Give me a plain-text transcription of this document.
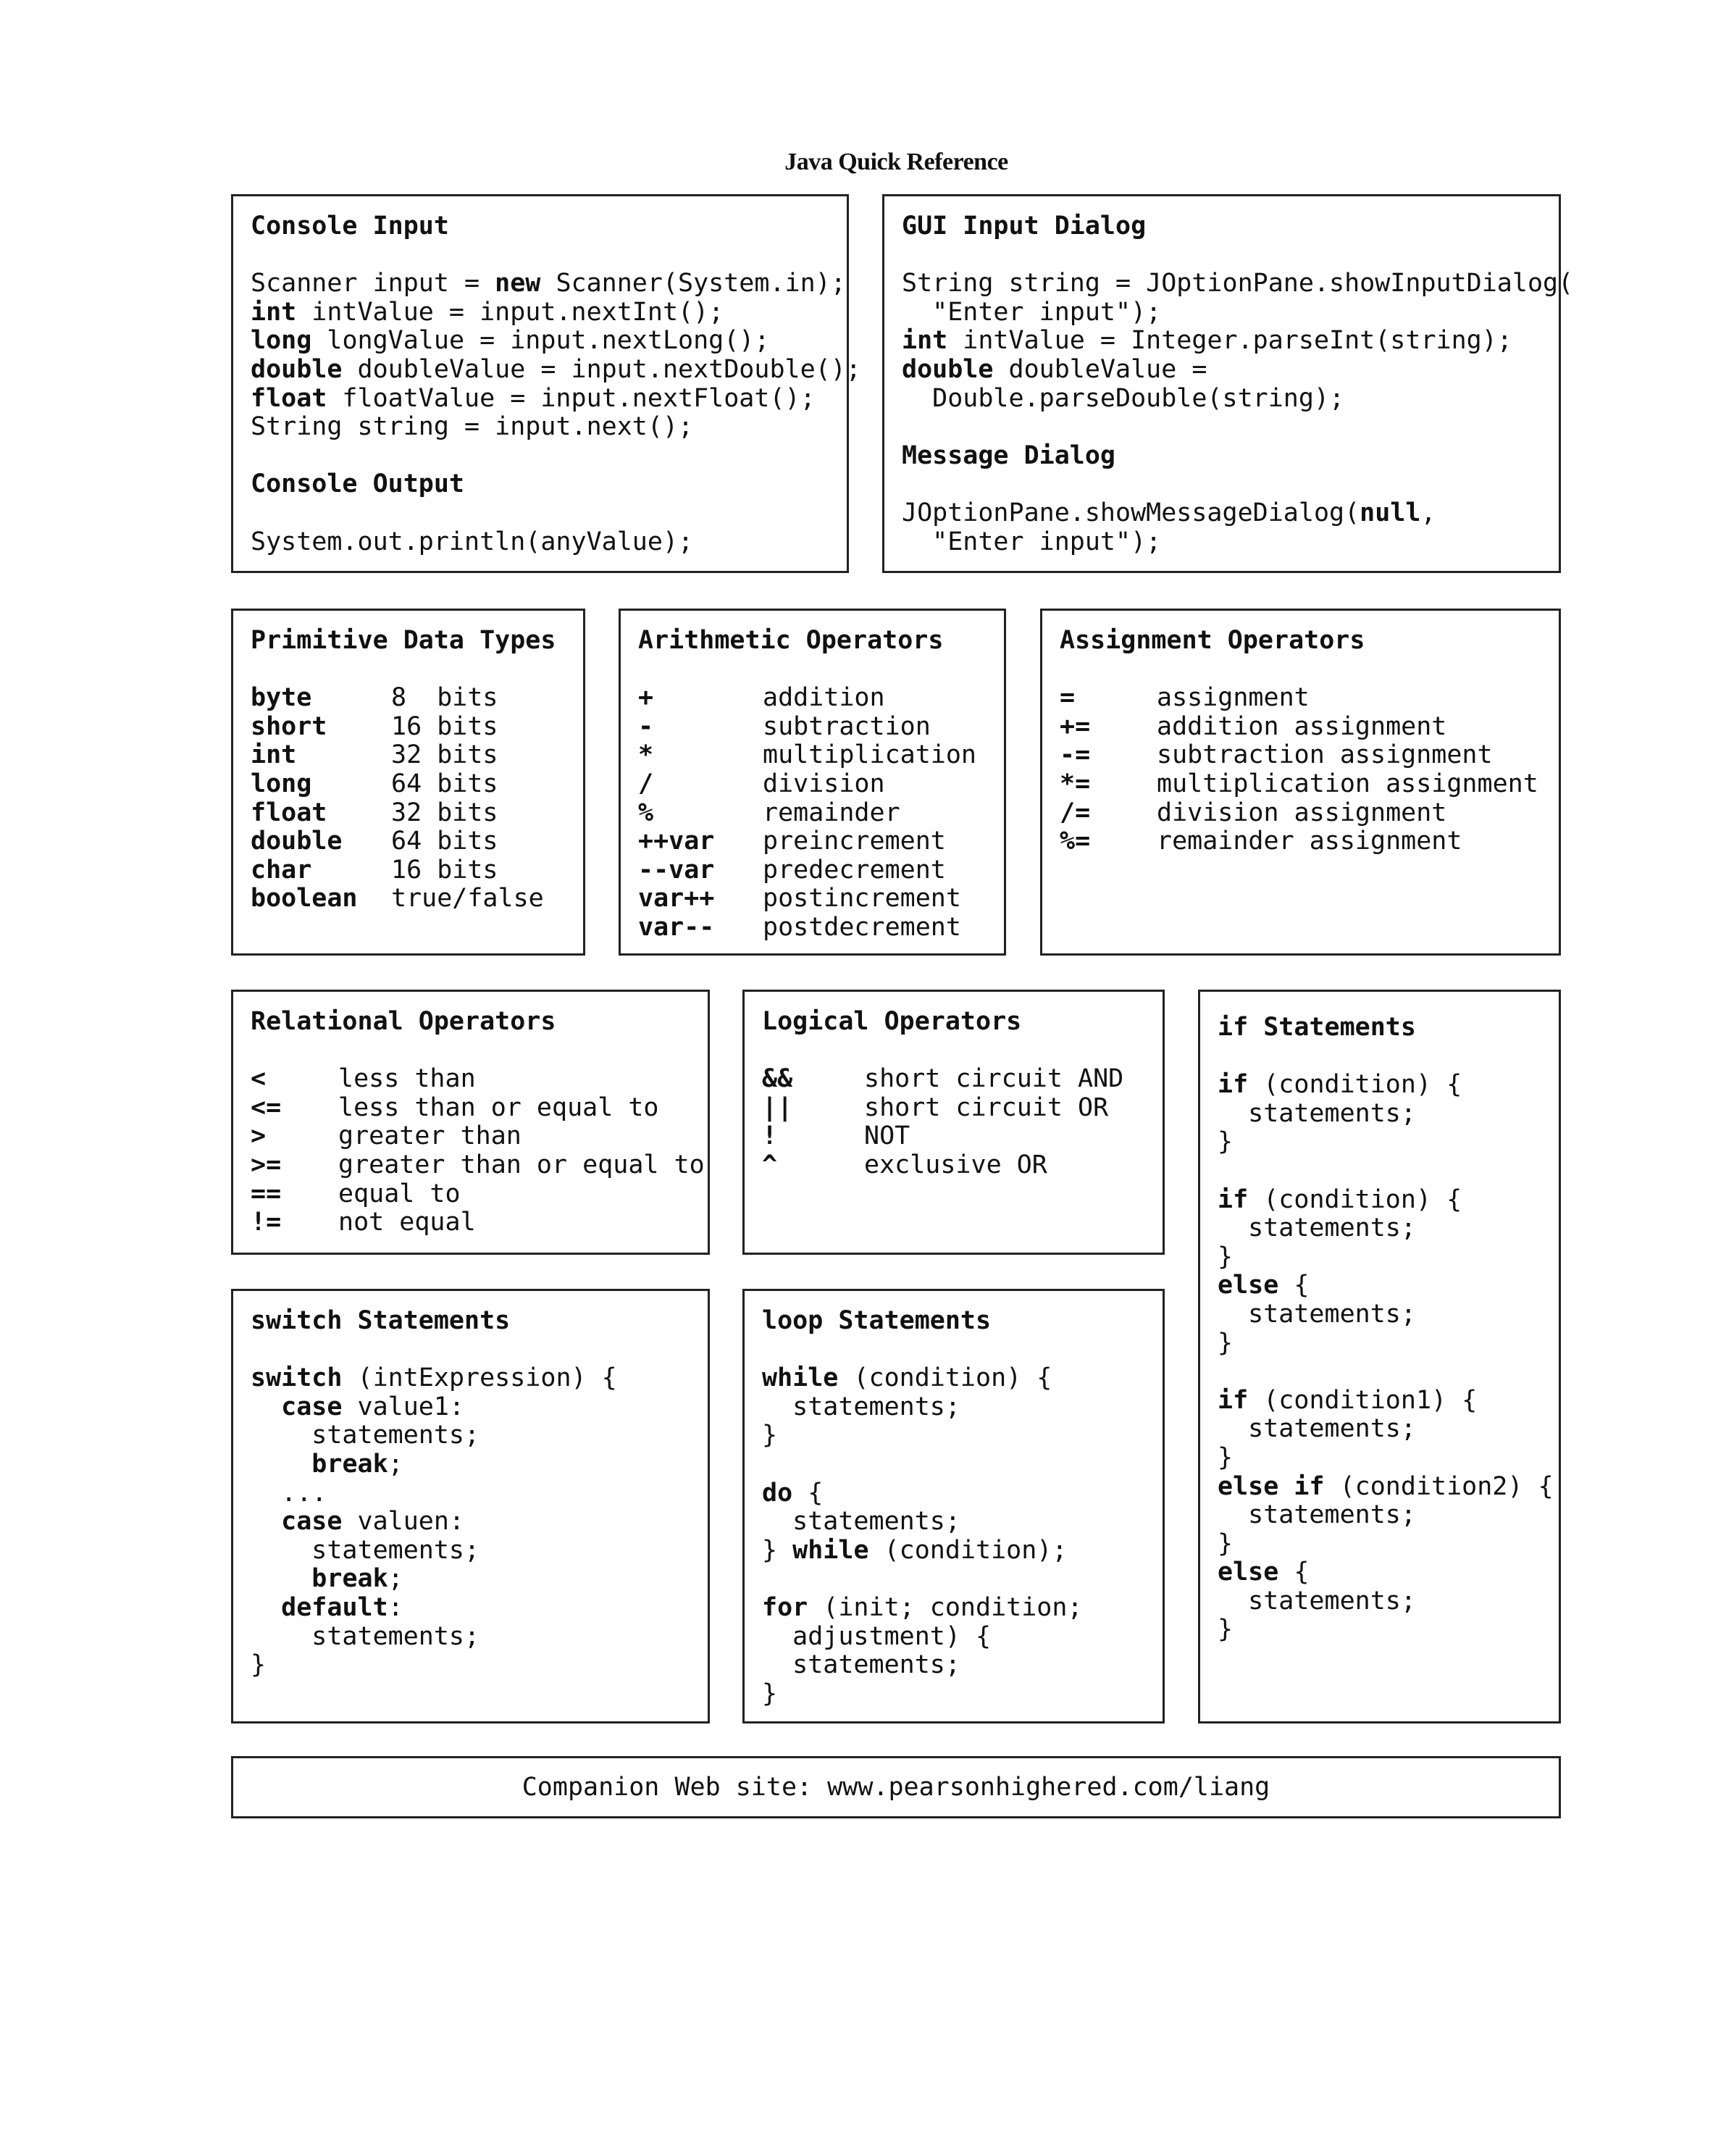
Java Quick Reference
Console Input
Scanner input = new Scanner(System.in);
int intValue = input.nextInt();
long longValue = input.nextLong();
double doubleValue = input.nextDouble();
float floatValue = input.nextFloat();
String string = input.next();
Console Output
System.out.println(anyValue);
GUI Input Dialog
String string = JOptionPane.showInputDialog(
"Enter input");
int intValue = Integer.parseInt(string);
double doubleValue =
Double.parseDouble(string);
Message Dialog
JOptionPane.showMessageDialog(null,
"Enter input");
Primitive Data Types
byte	8  bits
short	16 bits
int	32 bits
long	64 bits
float	32 bits
double 64 bits
char	16 bits
boolean true/false
Arithmetic Operators
+	addition
-	subtraction
*	multiplication
/	division
%	remainder
++var preincrement
--var predecrement
var++ postincrement
var-- postdecrement
Assignment Operators
=	assignment
+=	addition assignment
-=	subtraction assignment
*=	multiplication assignment
/=	division assignment
%=	remainder assignment
Relational Operators
<	less than
<= less than or equal to
>	greater than
>= greater than or equal to
== equal to
!= not equal
Logical Operators
&&	short circuit AND
||	short circuit OR
!	NOT
^	exclusive OR
if Statements
if (condition) {
statements;
}
if (condition) {
statements;
}
else {
statements;
}
if (condition1) {
statements;
}
else if (condition2) {
statements;
}
else {
statements;
}
switch Statements
switch (intExpression) {
case value1:
statements;
break;
...
case valuen:
statements;
break;
default:
statements;
}
loop Statements
while (condition) {
statements;
}
do {
statements;
} while (condition);
for (init; condition;
adjustment) {
statements;
}
Companion Web site: www.pearsonhighered.com/liang
